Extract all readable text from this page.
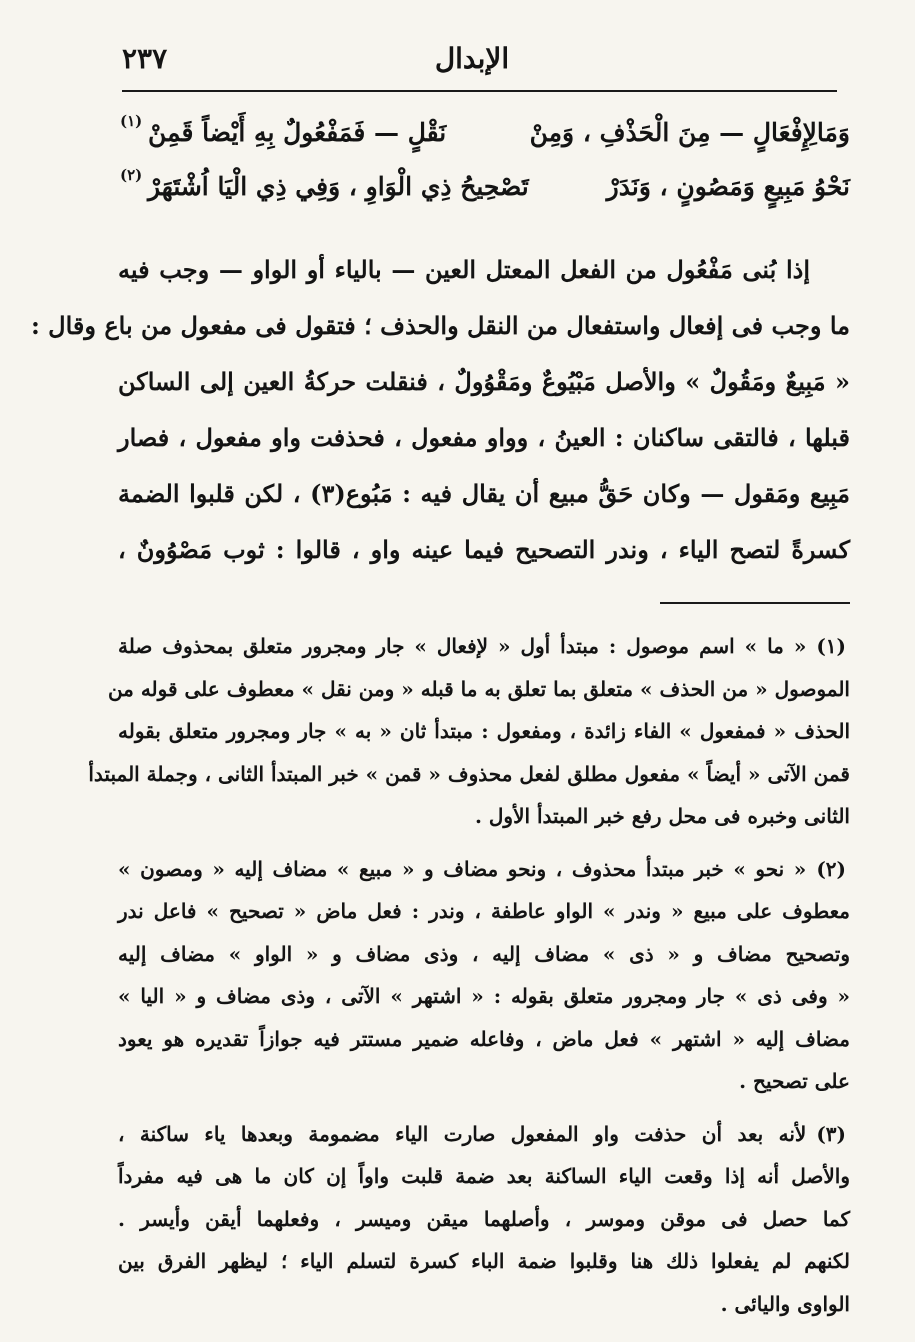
٢٣٧	الإبدال
وَمَالِإِفْعَالٍ — مِنَ الْحَذْفِ ، وَمِنْ
نَقْلٍ — فَمَفْعُولٌ بِهِ أَيْضاً قَمِنْ
(١)
نَحْوُ مَبِيعٍ وَمَصُونٍ ، وَنَدَرْ
تَصْحِيحُ ذِي الْوَاوِ ، وَفِي ذِي الْيَا اُشْتَهَرْ
(٢)
إذا بُنى مَفْعُول من الفعل المعتل العين — بالياء أو الواو — وجب فيه
ما وجب فى إفعال واستفعال من النقل والحذف ؛ فتقول فى مفعول من باع وقال :
« مَبِيعٌ ومَقُولٌ » والأصل مَبْيُوعٌ ومَقْوُولٌ ، فنقلت حركةُ العين إلى الساكن
قبلها ، فالتقى ساكنان : العينُ ، وواو مفعول ، فحذفت واو مفعول ، فصار
مَبِيع ومَقول — وكان حَقُّ مبيع أن يقال فيه : مَبُوع(٣) ، لكن قلبوا الضمة
كسرةً لتصح الياء ، وندر التصحيح فيما عينه واو ، قالوا : ثوب مَصْوُونٌ ،
(١)« ما » اسم موصول : مبتدأ أول « لإفعال » جار ومجرور متعلق بمحذوف صلة
الموصول « من الحذف » متعلق بما تعلق به ما قبله « ومن نقل » معطوف على قوله من
الحذف « فمفعول » الفاء زائدة ، ومفعول : مبتدأ ثان « به » جار ومجرور متعلق بقوله
قمن الآتى « أيضاً » مفعول مطلق لفعل محذوف « قمن » خبر المبتدأ الثانى ، وجملة المبتدأ
الثانى وخبره فى محل رفع خبر المبتدأ الأول .
(٢)« نحو » خبر مبتدأ محذوف ، ونحو مضاف و « مبيع » مضاف إليه « ومصون »
معطوف على مبيع « وندر » الواو عاطفة ، وندر : فعل ماض « تصحيح » فاعل ندر
وتصحيح مضاف و « ذى » مضاف إليه ، وذى مضاف و « الواو » مضاف إليه
« وفى ذى » جار ومجرور متعلق بقوله : « اشتهر » الآتى ، وذى مضاف و « اليا »
مضاف إليه « اشتهر » فعل ماض ، وفاعله ضمير مستتر فيه جوازاً تقديره هو يعود
على تصحيح .
(٣)لأنه بعد أن حذفت واو المفعول صارت الياء مضمومة وبعدها ياء ساكنة ،
والأصل أنه إذا وقعت الياء الساكنة بعد ضمة قلبت واواً إن كان ما هى فيه مفرداً
كما حصل فى موقن وموسر ، وأصلهما ميقن وميسر ، وفعلهما أيقن وأيسر .
لكنهم لم يفعلوا ذلك هنا وقلبوا ضمة الباء كسرة لتسلم الياء ؛ ليظهر الفرق بين
الواوى واليائى .
